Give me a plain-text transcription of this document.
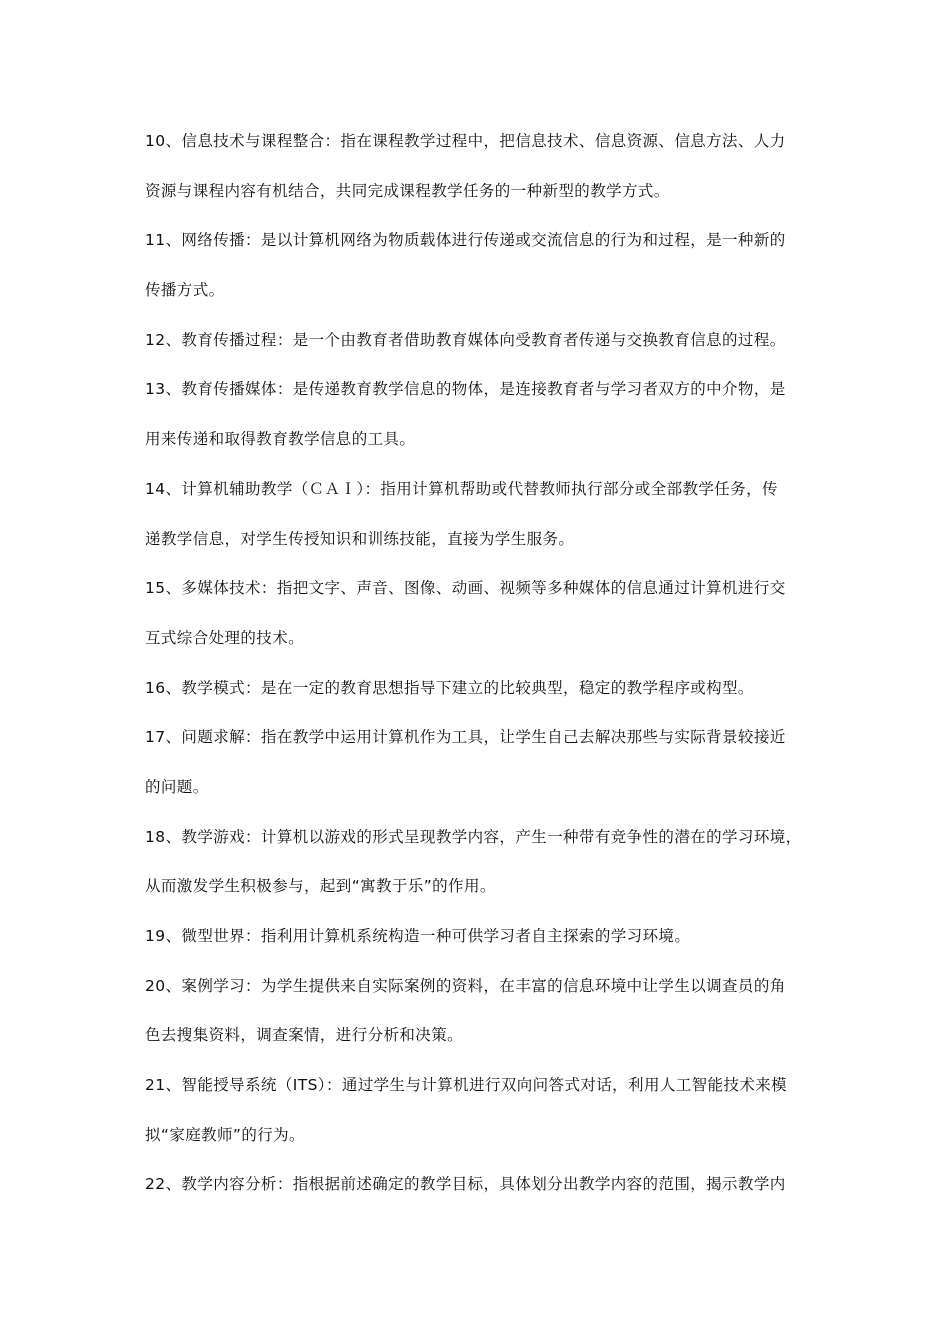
10、信息技术与课程整合：指在课程教学过程中，把信息技术、信息资源、信息方法、人力
资源与课程内容有机结合，共同完成课程教学任务的一种新型的教学方式。
11、网络传播：是以计算机网络为物质载体进行传递或交流信息的行为和过程，是一种新的
传播方式。
12、教育传播过程：是一个由教育者借助教育媒体向受教育者传递与交换教育信息的过程。
13、教育传播媒体：是传递教育教学信息的物体，是连接教育者与学习者双方的中介物，是
用来传递和取得教育教学信息的工具。
14、计算机辅助教学（ＣＡＩ）：指用计算机帮助或代替教师执行部分或全部教学任务，传
递教学信息，对学生传授知识和训练技能，直接为学生服务。
15、多媒体技术：指把文字、声音、图像、动画、视频等多种媒体的信息通过计算机进行交
互式综合处理的技术。
16、教学模式：是在一定的教育思想指导下建立的比较典型，稳定的教学程序或构型。
17、问题求解：指在教学中运用计算机作为工具，让学生自己去解决那些与实际背景较接近
的问题。
18、教学游戏：计算机以游戏的形式呈现教学内容，产生一种带有竞争性的潜在的学习环境，
从而激发学生积极参与，起到“寓教于乐”的作用。
19、微型世界：指利用计算机系统构造一种可供学习者自主探索的学习环境。
20、案例学习：为学生提供来自实际案例的资料，在丰富的信息环境中让学生以调查员的角
色去搜集资料，调查案情，进行分析和决策。
21、智能授导系统（ITS）：通过学生与计算机进行双向问答式对话，利用人工智能技术来模
拟“家庭教师”的行为。
22、教学内容分析：指根据前述确定的教学目标，具体划分出教学内容的范围，揭示教学内
